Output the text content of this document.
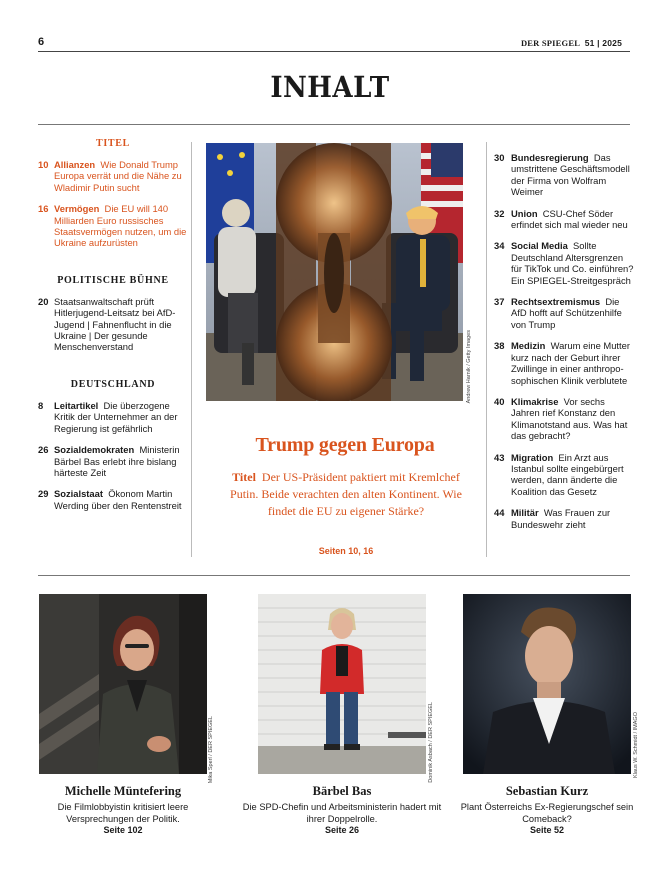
6	DER SPIEGEL 51 | 2025
INHALT
TITEL
10 Allianzen Wie Donald Trump Europa verrät und die Nähe zu Wladimir Putin sucht
16 Vermögen Die EU will 140 Milliarden Euro russisches Staatsvermögen nutzen, um die Ukraine aufzurüsten
POLITISCHE BÜHNE
20 Staatsanwaltschaft prüft Hitlerjugend-Leitsatz bei AfD-Jugend | Fahnenflucht in die Ukraine | Der gesunde Menschenverstand
DEUTSCHLAND
8	Leitartikel Die überzogene Kritik der Unternehmer an der Regierung ist gefährlich
26 Sozialdemokraten Ministerin Bärbel Bas erlebt ihre bislang härteste Zeit
29 Sozialstaat Ökonom Martin Werding über den Rentenstreit
Andrew Harnik / Getty Images
Trump gegen Europa
Titel Der US-Präsident paktiert mit Kremlchef Putin. Beide verachten den alten Kontinent. Wie findet die EU zu eigener Stärke?
Seiten 10, 16
30 Bundesregierung Das umstrittene Geschäftsmodell der Firma von Wolfram Weimer
32 Union CSU-Chef Söder erfindet sich mal wieder neu
34 Social Media Sollte Deutschland Altersgrenzen für TikTok und Co. einführen? Ein SPIEGEL-Streitgespräch
37 Rechtsextremismus Die AfD hofft auf Schützenhilfe von Trump
38 Medizin Warum eine Mutter kurz nach der Geburt ihrer Zwillinge in einer anthroposophischen Klinik verblutete
40 Klimakrise Vor sechs Jahren rief Konstanz den Klimanotstand aus. Was hat das gebracht?
43 Migration Ein Arzt aus Istanbul sollte eingebürgert werden, dann änderte die Koalition das Gesetz
44 Militär Was Frauen zur Bundeswehr zieht
Mika Sperl / DER SPIEGEL
Michelle Müntefering
Die Filmlobbyistin kritisiert leere Versprechungen der Politik.
Seite 102
Dominik Asbach / DER SPIEGEL
Bärbel Bas
Die SPD-Chefin und Arbeitsministerin hadert mit ihrer Doppelrolle.
Seite 26
Klaus W. Schmidt / IMAGO
Sebastian Kurz
Plant Österreichs Ex-Regierungschef sein Comeback?
Seite 52
